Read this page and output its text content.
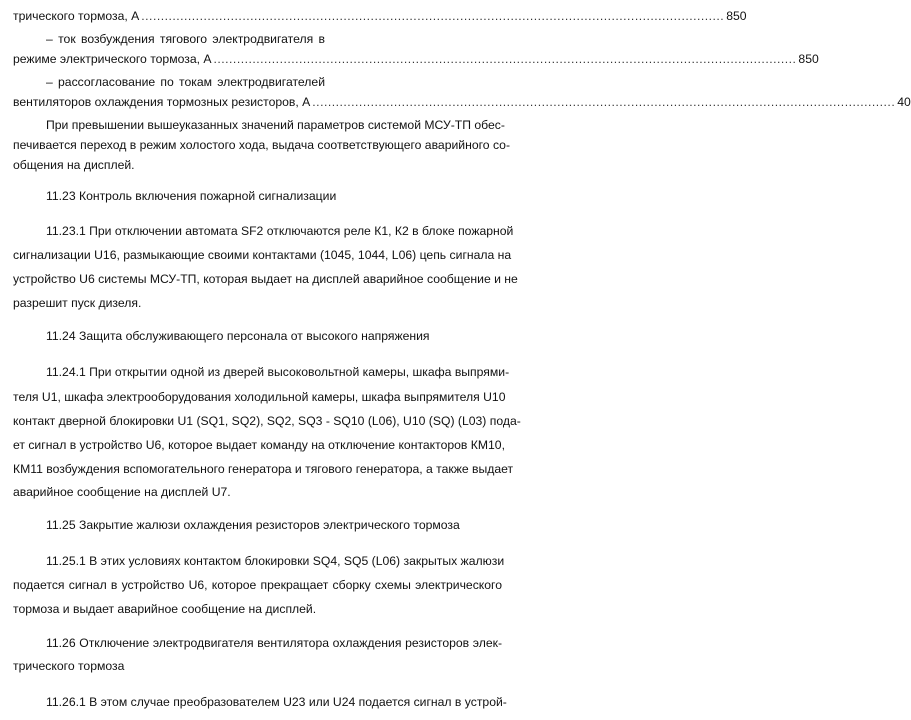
трического тормоза, А ...................................................................................................................................................... 850
– ток возбуждения тягового электродвигателя в
режиме электрического тормоза, А ...................................................................................................................................................... 850
– рассогласование по токам электродвигателей
вентиляторов охлаждения тормозных резисторов, А ...................................................................................................................................................... 40
При превышении вышеуказанных значений параметров системой МСУ-ТП обес-
печивается переход в режим холостого хода, выдача соответствующего аварийного со-
общения на дисплей.
11.23 Контроль включения пожарной сигнализации
11.23.1 При отключении автомата SF2 отключаются реле К1, К2 в блоке пожарной
сигнализации U16, размыкающие своими контактами (1045, 1044, L06) цепь сигнала на
устройство U6 системы МСУ-ТП, которая выдает на дисплей аварийное сообщение и не
разрешит пуск дизеля.
11.24 Защита обслуживающего персонала от высокого напряжения
11.24.1 При открытии одной из дверей высоковольтной камеры, шкафа выпрями-
теля U1, шкафа электрооборудования холодильной камеры, шкафа выпрямителя U10
контакт дверной блокировки U1 (SQ1, SQ2), SQ2, SQ3 - SQ10 (L06), U10 (SQ) (L03) пода-
ет сигнал в устройство U6, которое выдает команду на отключение контакторов КМ10,
КМ11 возбуждения вспомогательного генератора и тягового генератора, а также выдает
аварийное сообщение на дисплей U7.
11.25 Закрытие жалюзи охлаждения резисторов электрического тормоза
11.25.1 В этих условиях контактом блокировки SQ4, SQ5 (L06) закрытых жалюзи
подается сигнал в устройство U6, которое прекращает сборку схемы электрического
тормоза и выдает аварийное сообщение на дисплей.
11.26 Отключение электродвигателя вентилятора охлаждения резисторов элек-
трического тормоза
11.26.1 В этом случае преобразователем U23 или U24 подается сигнал в устрой-
